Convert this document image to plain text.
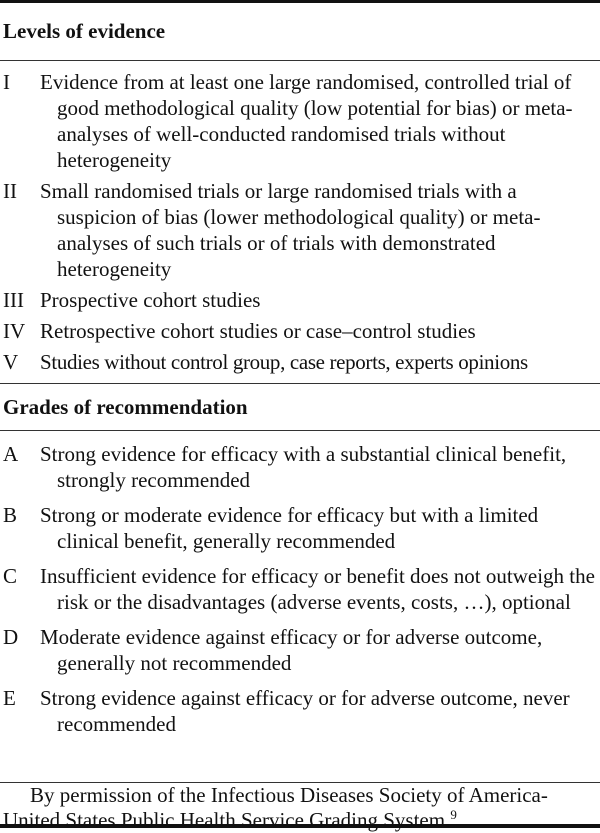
Levels of evidence
I	Evidence from at least one large randomised, controlled trial of good methodological quality (low potential for bias) or meta-analyses of well-conducted randomised trials without heterogeneity
II	Small randomised trials or large randomised trials with a suspicion of bias (lower methodological quality) or meta-analyses of such trials or of trials with demonstrated heterogeneity
III Prospective cohort studies
IV Retrospective cohort studies or case–control studies
V	Studies without control group, case reports, experts opinions
Grades of recommendation
A	Strong evidence for efficacy with a substantial clinical benefit, strongly recommended
B	Strong or moderate evidence for efficacy but with a limited clinical benefit, generally recommended
C	Insufficient evidence for efficacy or benefit does not outweigh the risk or the disadvantages (adverse events, costs, …), optional
D	Moderate evidence against efficacy or for adverse outcome, generally not recommended
E	Strong evidence against efficacy or for adverse outcome, never recommended
By permission of the Infectious Diseases Society of America-
United States Public Health Service Grading System.$^9$
